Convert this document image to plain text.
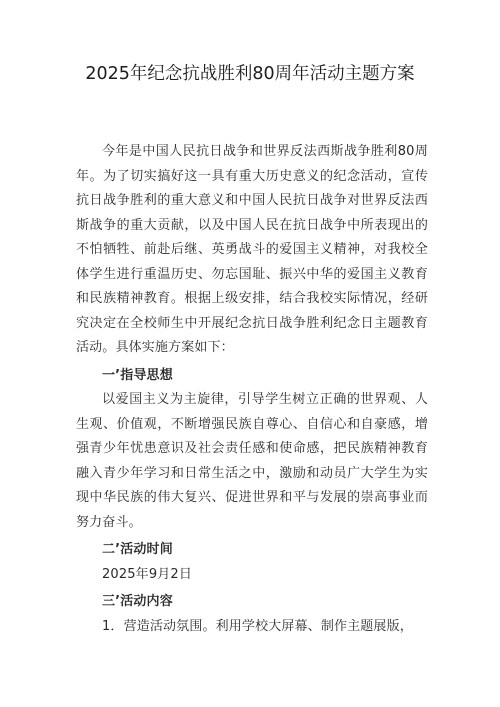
2025年纪念抗战胜利80周年活动主题方案

今年是中国人民抗日战争和世界反法西斯战争胜利80周年。为了切实搞好这一具有重大历史意义的纪念活动，宣传抗日战争胜利的重大意义和中国人民抗日战争对世界反法西斯战争的重大贡献，以及中国人民在抗日战争中所表现出的不怕牺牲、前赴后继、英勇战斗的爱国主义精神，对我校全体学生进行重温历史、勿忘国耻、振兴中华的爱国主义教育和民族精神教育。根据上级安排，结合我校实际情况，经研究决定在全校师生中开展纪念抗日战争胜利纪念日主题教育活动。具体实施方案如下：

一’指导思想

以爱国主义为主旋律，引导学生树立正确的世界观、人生观、价值观，不断增强民族自尊心、自信心和自豪感，增强青少年忧患意识及社会责任感和使命感，把民族精神教育融入青少年学习和日常生活之中，激励和动员广大学生为实现中华民族的伟大复兴、促进世界和平与发展的崇高事业而努力奋斗。

二’活动时间

2025年9月2日

三’活动内容

1．营造活动氛围。利用学校大屏幕、制作主题展版，
